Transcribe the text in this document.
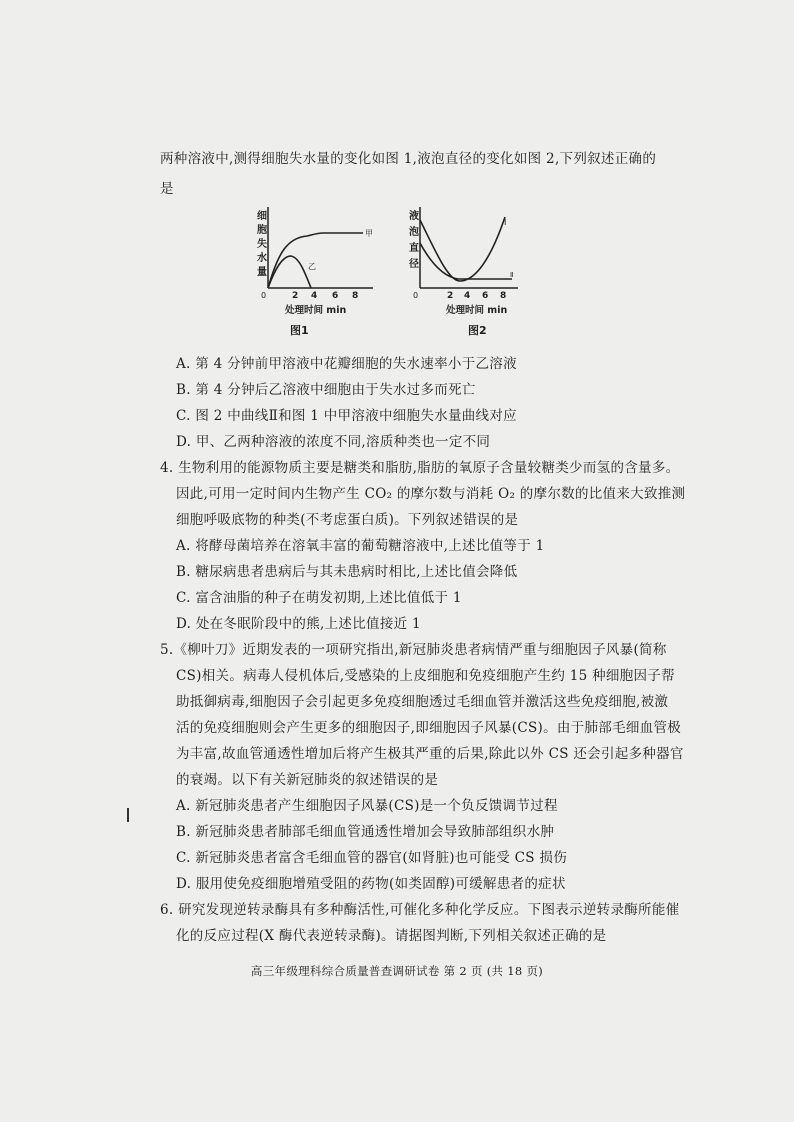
两种溶液中,测得细胞失水量的变化如图 1,液泡直径的变化如图 2,下列叙述正确的
是
细
胞
失
水
量
甲
乙
0	2 4 6 8
处理时间 min
图1
液
泡
直
径
Ⅰ
Ⅱ
0	2 4 6 8
处理时间 min
图2
A. 第 4 分钟前甲溶液中花瓣细胞的失水速率小于乙溶液
B. 第 4 分钟后乙溶液中细胞由于失水过多而死亡
C. 图 2 中曲线Ⅱ和图 1 中甲溶液中细胞失水量曲线对应
D. 甲、乙两种溶液的浓度不同,溶质种类也一定不同
4. 生物利用的能源物质主要是糖类和脂肪,脂肪的氧原子含量较糖类少而氢的含量多。
因此,可用一定时间内生物产生 CO₂ 的摩尔数与消耗 O₂ 的摩尔数的比值来大致推测
细胞呼吸底物的种类(不考虑蛋白质)。下列叙述错误的是
A. 将酵母菌培养在溶氧丰富的葡萄糖溶液中,上述比值等于 1
B. 糖尿病患者患病后与其未患病时相比,上述比值会降低
C. 富含油脂的种子在萌发初期,上述比值低于 1
D. 处在冬眠阶段中的熊,上述比值接近 1
5.《柳叶刀》近期发表的一项研究指出,新冠肺炎患者病情严重与细胞因子风暴(简称
CS)相关。病毒人侵机体后,受感染的上皮细胞和免疫细胞产生约 15 种细胞因子帮
助抵御病毒,细胞因子会引起更多免疫细胞透过毛细血管并激活这些免疫细胞,被激
活的免疫细胞则会产生更多的细胞因子,即细胞因子风暴(CS)。由于肺部毛细血管极
为丰富,故血管通透性增加后将产生极其严重的后果,除此以外 CS 还会引起多种器官
的衰竭。以下有关新冠肺炎的叙述错误的是
A. 新冠肺炎患者产生细胞因子风暴(CS)是一个负反馈调节过程
B. 新冠肺炎患者肺部毛细血管通透性增加会导致肺部组织水肿
C. 新冠肺炎患者富含毛细血管的器官(如肾脏)也可能受 CS 损伤
D. 服用使免疫细胞增殖受阻的药物(如类固醇)可缓解患者的症状
6. 研究发现逆转录酶具有多种酶活性,可催化多种化学反应。下图表示逆转录酶所能催
化的反应过程(X 酶代表逆转录酶)。请据图判断,下列相关叙述正确的是
高三年级理科综合质量普查调研试卷 第 2 页 (共 18 页)
